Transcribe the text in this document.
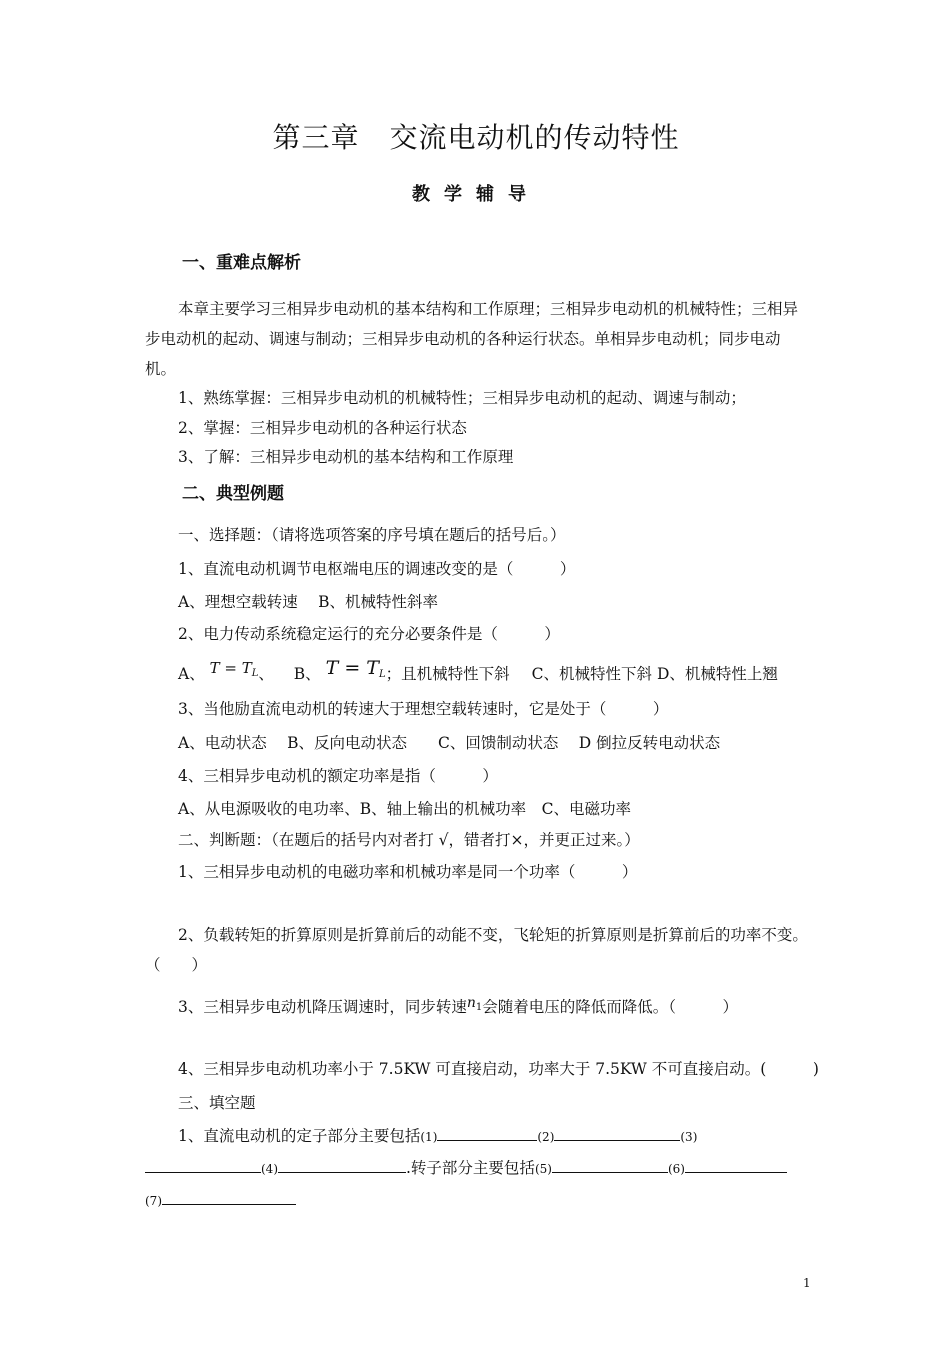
第三章 交流电动机的传动特性
教学辅导
一、重难点解析
本章主要学习三相异步电动机的基本结构和工作原理；三相异步电动机的机械特性；三相异步电动机的起动、调速与制动；三相异步电动机的各种运行状态。单相异步电动机；同步电动机。
1、熟练掌握：三相异步电动机的机械特性；三相异步电动机的起动、调速与制动；
2、掌握：三相异步电动机的各种运行状态
3、了解：三相异步电动机的基本结构和工作原理
二、典型例题
一、选择题：（请将选项答案的序号填在题后的括号后。）
1、直流电动机调节电枢端电压的调速改变的是（　　　）
A、理想空载转速　 B、机械特性斜率
2、电力传动系统稳定运行的充分必要条件是（　　　）
A、 $T = T_L$、 B、 $T = T_L$；且机械特性下斜 C、机械特性下斜 D、机械特性上翘
3、当他励直流电动机的转速大于理想空载转速时，它是处于（　　　）
A、电动状态　 B、反向电动状态　　C、回馈制动状态　 D 倒拉反转电动状态
4、三相异步电动机的额定功率是指（　　　）
A、从电源吸收的电功率、B、轴上输出的机械功率　C、电磁功率
二、判断题：（在题后的括号内对者打 √，错者打×，并更正过来。）
1、三相异步电动机的电磁功率和机械功率是同一个功率（　　　）
2、负载转矩的折算原则是折算前后的动能不变，飞轮矩的折算原则是折算前后的功率不变。（　　）
3、三相异步电动机降压调速时，同步转速$n_1$会随着电压的降低而降低。（　　　）
4、三相异步电动机功率小于 7.5KW 可直接启动，功率大于 7.5KW 不可直接启动。(　　　)
三、填空题
1、直流电动机的定子部分主要包括(1)	(2)	(3)
(4)	.转子部分主要包括(5)	(6)
(7)
1
